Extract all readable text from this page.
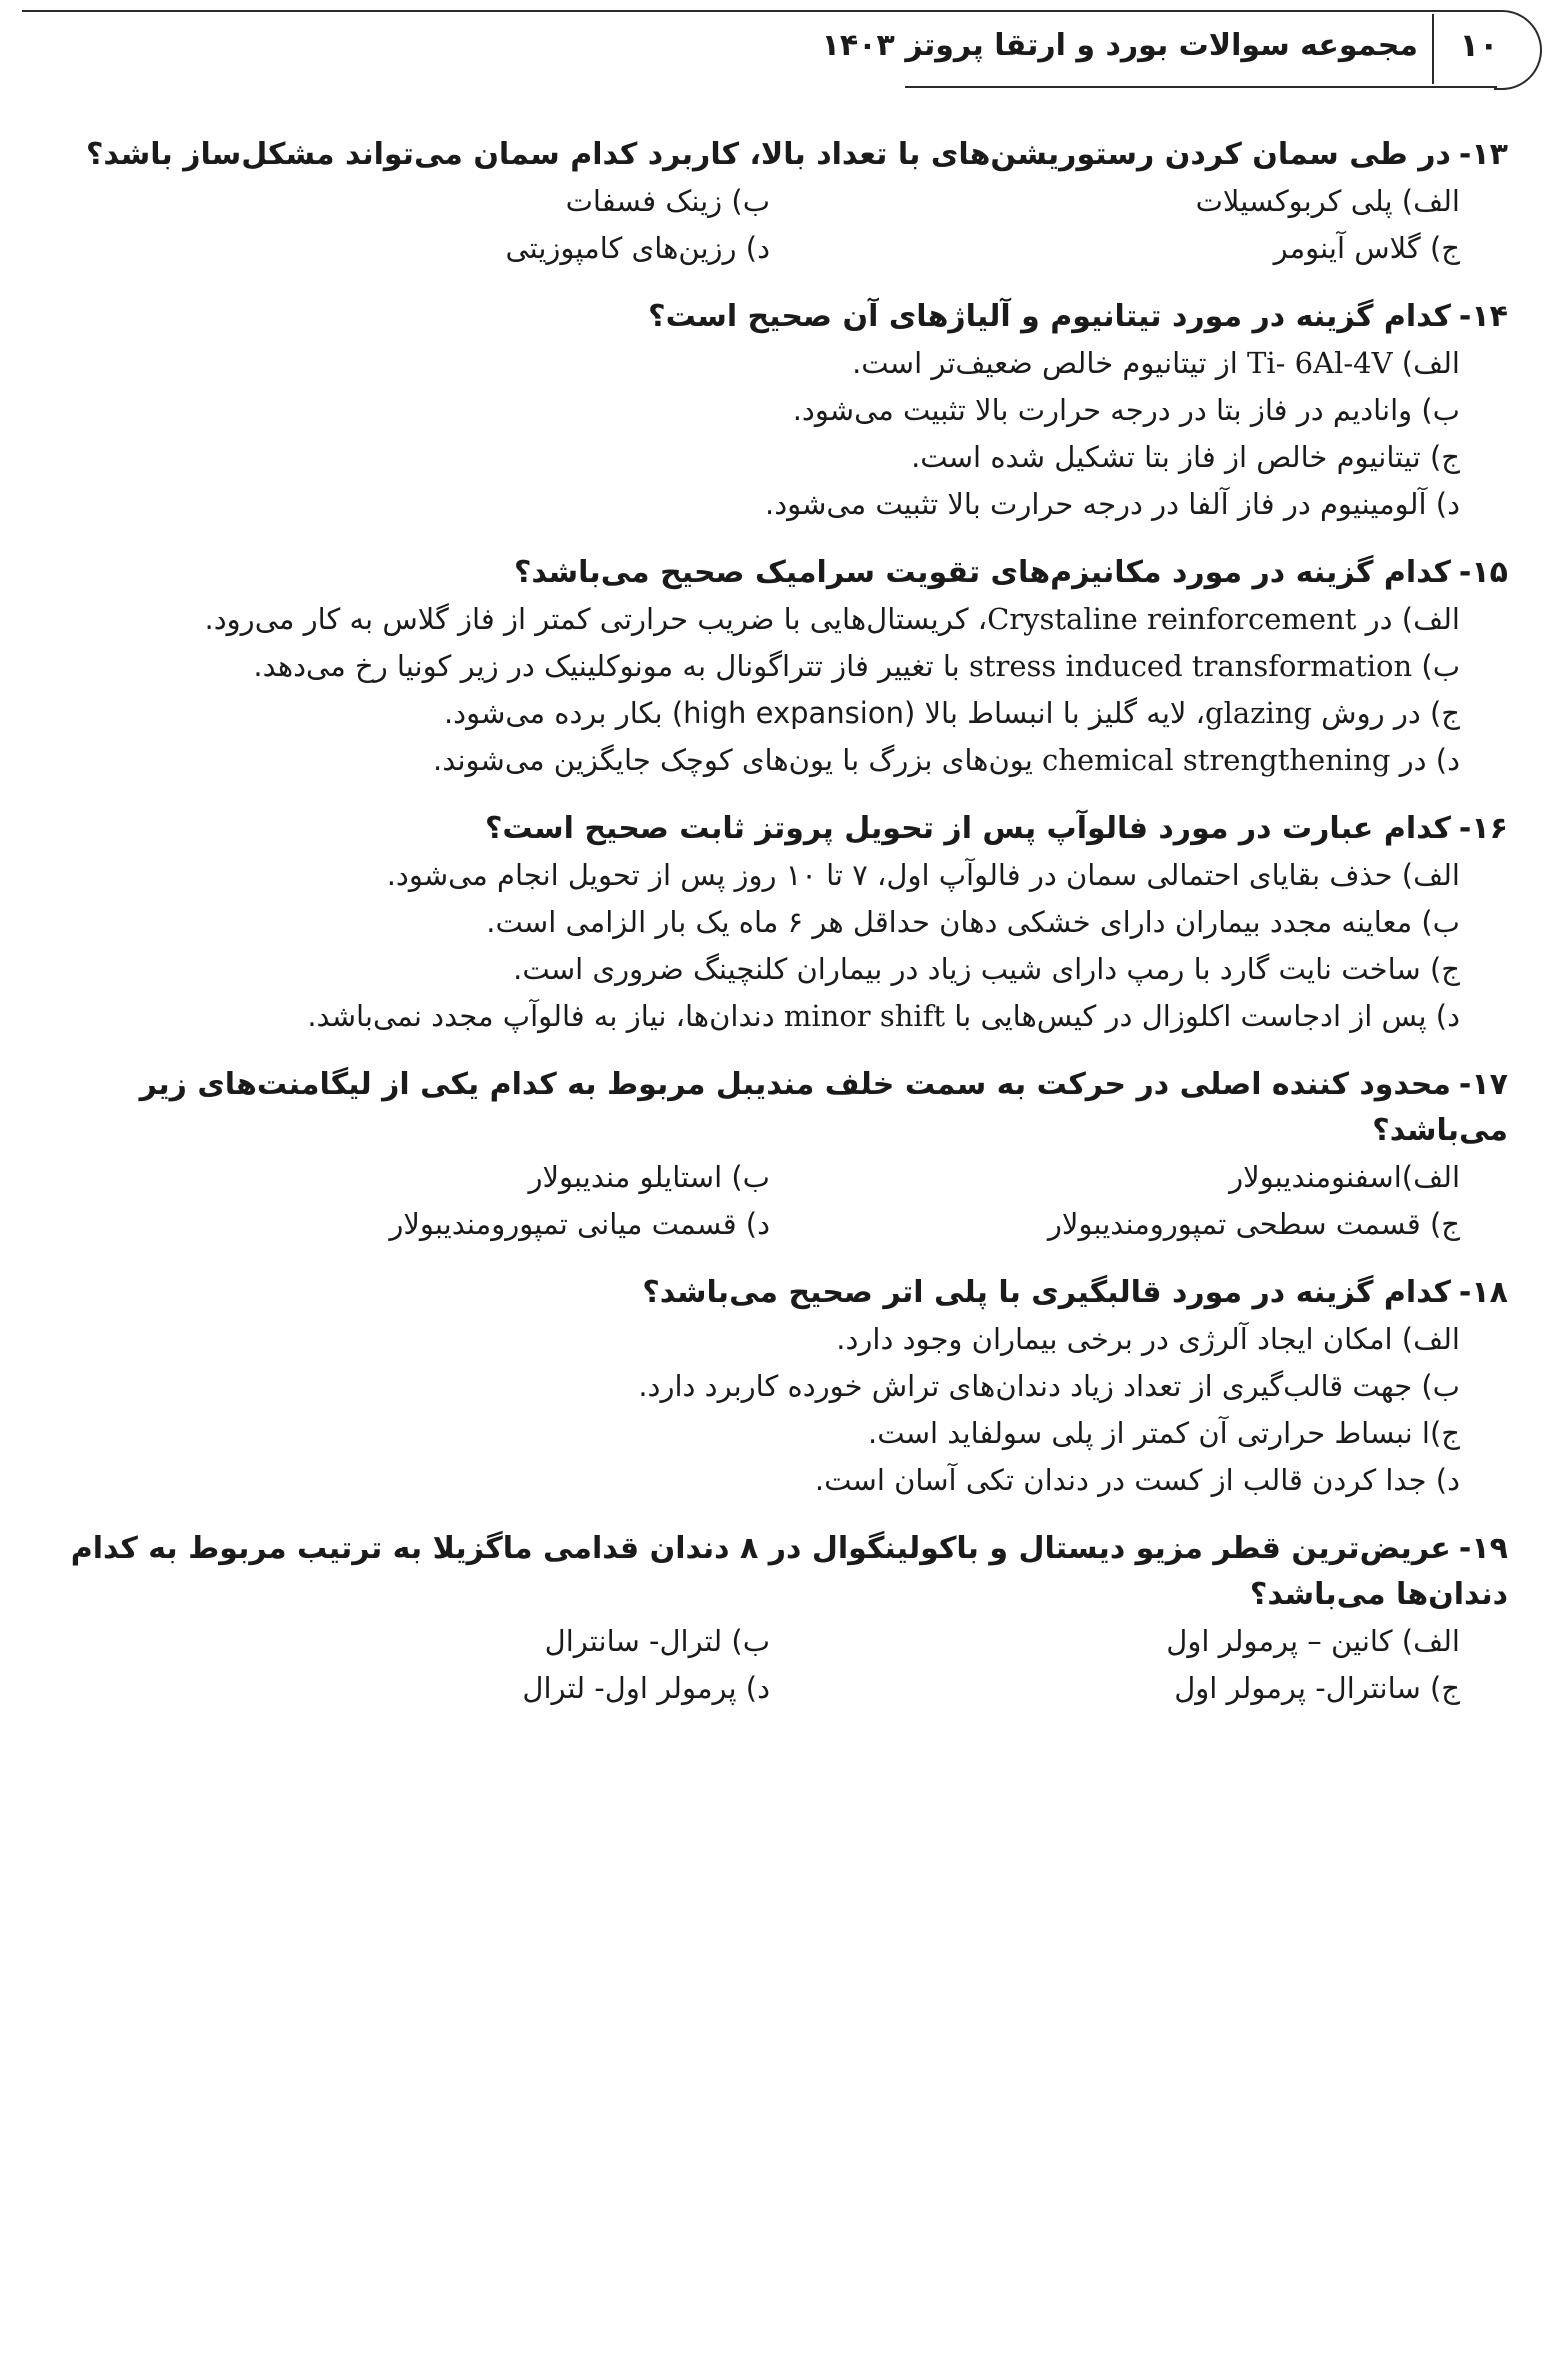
۱۰
مجموعه سوالات بورد و ارتقا پروتز ۱۴۰۳
۱۳-در طی سمان کردن رستوریشن‌های با تعداد بالا، کاربرد کدام سمان می‌تواند مشکل‌ساز باشد؟
الف) پلی کربوکسیلات
ب) زینک فسفات
ج) گلاس آینومر
د) رزین‌های کامپوزیتی
۱۴-کدام گزینه در مورد تیتانیوم و آلیاژهای آن صحیح است؟
الف) Ti- 6Al-4V از تیتانیوم خالص ضعیف‌تر است.
ب) وانادیم در فاز بتا در درجه حرارت بالا تثبیت می‌شود.
ج) تیتانیوم خالص از فاز بتا تشکیل شده است.
د) آلومینیوم در فاز آلفا در درجه حرارت بالا تثبیت می‌شود.
۱۵-کدام گزینه در مورد مکانیزم‌های تقویت سرامیک صحیح می‌باشد؟
الف) در Crystaline reinforcement، کریستال‌هایی با ضریب حرارتی کمتر از فاز گلاس به کار می‌رود.
ب) stress induced transformation با تغییر فاز تتراگونال به مونوکلینیک در زیر کونیا رخ می‌دهد.
ج) در روش glazing، لایه گلیز با انبساط بالا (high expansion) بکار برده می‌شود.
د) در chemical strengthening یون‌های بزرگ با یون‌های کوچک جایگزین می‌شوند.
۱۶-کدام عبارت در مورد فالوآپ پس از تحویل پروتز ثابت صحیح است؟
الف) حذف بقایای احتمالی سمان در فالوآپ اول، ۷ تا ۱۰ روز پس از تحویل انجام می‌شود.
ب) معاینه مجدد بیماران دارای خشکی دهان حداقل هر ۶ ماه یک بار الزامی است.
ج) ساخت نایت گارد با رمپ دارای شیب زیاد در بیماران کلنچینگ ضروری است.
د) پس از ادجاست اکلوزال در کیس‌هایی با minor shift دندان‌ها، نیاز به فالوآپ مجدد نمی‌باشد.
۱۷-محدود کننده اصلی در حرکت به سمت خلف مندیبل مربوط به کدام یکی از لیگامنت‌های زیر می‌باشد؟
الف)اسفنومندیبولار
ب) استایلو مندیبولار
ج) قسمت سطحی تمپورومندیبولار
د) قسمت میانی تمپورومندیبولار
۱۸-کدام گزینه در مورد قالبگیری با پلی اتر صحیح می‌باشد؟
الف) امکان ایجاد آلرژی در برخی بیماران وجود دارد.
ب) جهت قالب‌گیری از تعداد زیاد دندان‌های تراش خورده کاربرد دارد.
ج)ا نبساط حرارتی آن کمتر از پلی سولفاید است.
د) جدا کردن قالب از کست در دندان تکی آسان است.
۱۹-عریض‌ترین قطر مزیو دیستال و باکولینگوال در ۸ دندان قدامی ماگزیلا به ترتیب مربوط به کدام دندان‌ها می‌باشد؟
الف) کانین – پرمولر اول
ب) لترال- سانترال
ج) سانترال- پرمولر اول
د) پرمولر اول- لترال
